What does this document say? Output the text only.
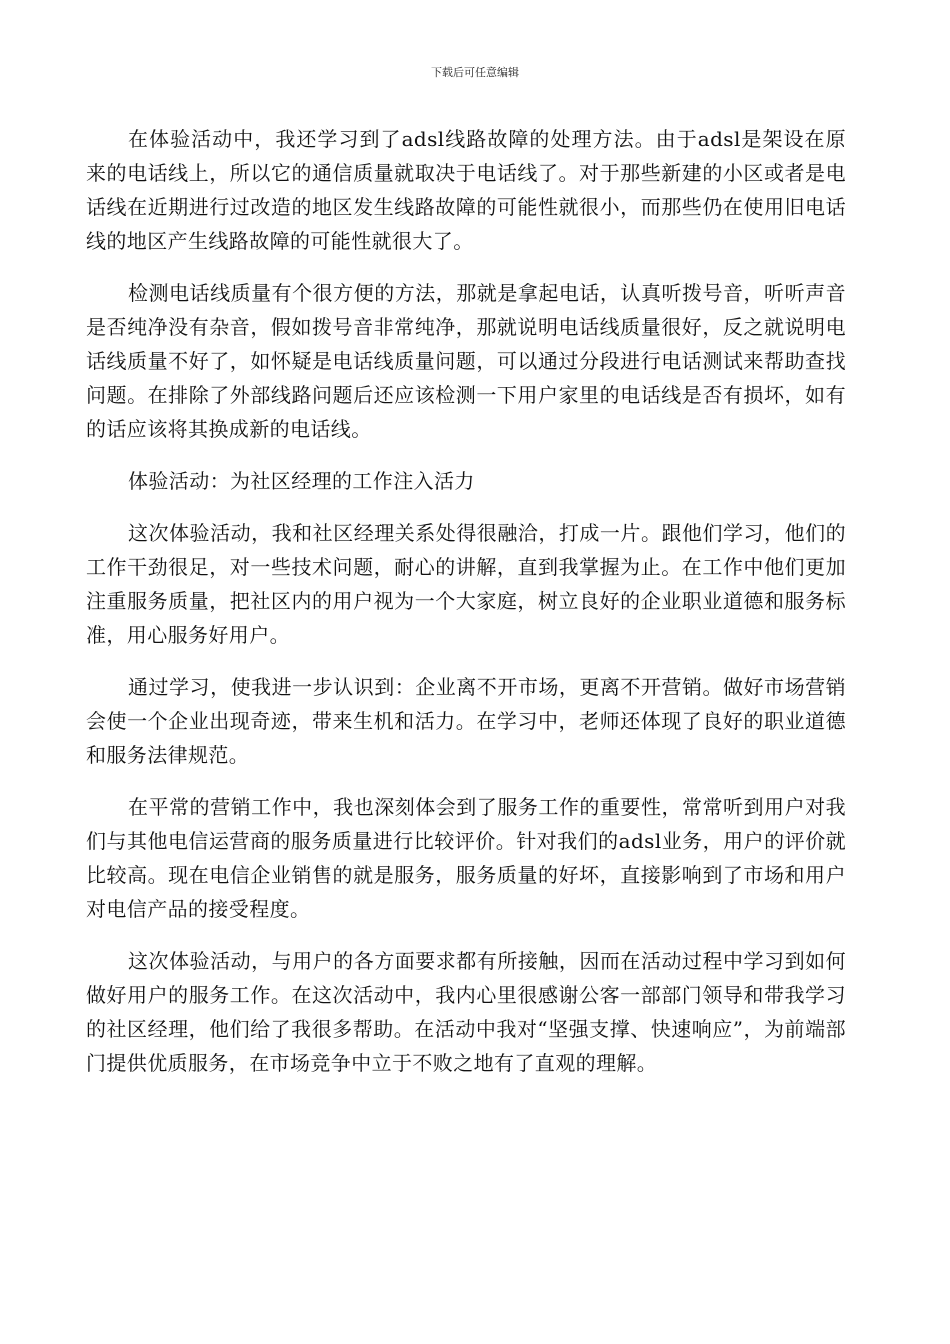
下载后可任意编辑

在体验活动中，我还学习到了adsl线路故障的处理方法。由于adsl是架设在原来的电话线上，所以它的通信质量就取决于电话线了。对于那些新建的小区或者是电话线在近期进行过改造的地区发生线路故障的可能性就很小，而那些仍在使用旧电话线的地区产生线路故障的可能性就很大了。

检测电话线质量有个很方便的方法，那就是拿起电话，认真听拨号音，听听声音是否纯净没有杂音，假如拨号音非常纯净，那就说明电话线质量很好，反之就说明电话线质量不好了，如怀疑是电话线质量问题，可以通过分段进行电话测试来帮助查找问题。在排除了外部线路问题后还应该检测一下用户家里的电话线是否有损坏，如有的话应该将其换成新的电话线。

体验活动：为社区经理的工作注入活力

这次体验活动，我和社区经理关系处得很融洽，打成一片。跟他们学习，他们的工作干劲很足，对一些技术问题，耐心的讲解，直到我掌握为止。在工作中他们更加注重服务质量，把社区内的用户视为一个大家庭，树立良好的企业职业道德和服务标准，用心服务好用户。

通过学习，使我进一步认识到：企业离不开市场，更离不开营销。做好市场营销会使一个企业出现奇迹，带来生机和活力。在学习中，老师还体现了良好的职业道德和服务法律规范。

在平常的营销工作中，我也深刻体会到了服务工作的重要性，常常听到用户对我们与其他电信运营商的服务质量进行比较评价。针对我们的adsl业务，用户的评价就比较高。现在电信企业销售的就是服务，服务质量的好坏，直接影响到了市场和用户对电信产品的接受程度。

这次体验活动，与用户的各方面要求都有所接触，因而在活动过程中学习到如何做好用户的服务工作。在这次活动中，我内心里很感谢公客一部部门领导和带我学习的社区经理，他们给了我很多帮助。在活动中我对“坚强支撑、快速响应”，为前端部门提供优质服务，在市场竞争中立于不败之地有了直观的理解。
